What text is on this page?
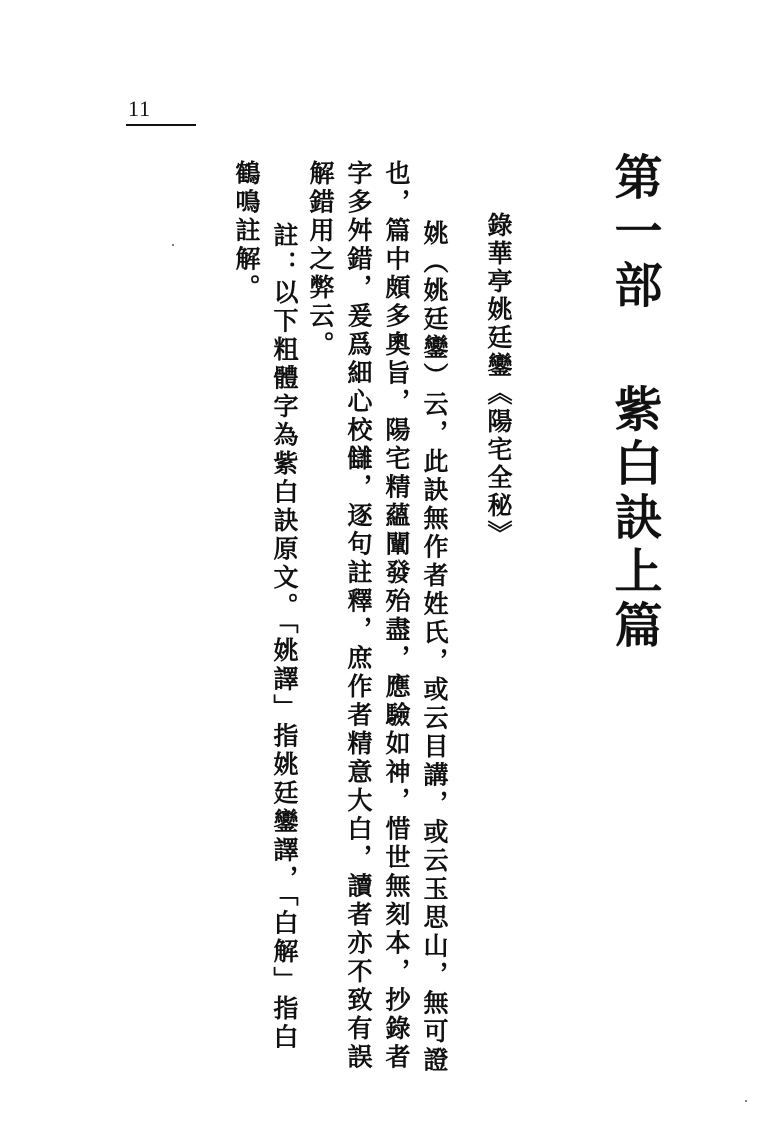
11
第一部紫白訣上篇
錄華亭姚廷鑾《陽宅全秘》
姚（姚廷鑾）云，此訣無作者姓氏，或云目講，或云玉思山，無可證
也，篇中頗多奧旨，陽宅精蘊闡發殆盡，應驗如神，惜世無刻本，抄錄者
字多舛錯，爰爲細心校讎，逐句註釋，庶作者精意大白，讀者亦不致有誤
解錯用之弊云。
註：以下粗體字為紫白訣原文。「姚譯」指姚廷鑾譯，「白解」指白
鶴鳴註解。
